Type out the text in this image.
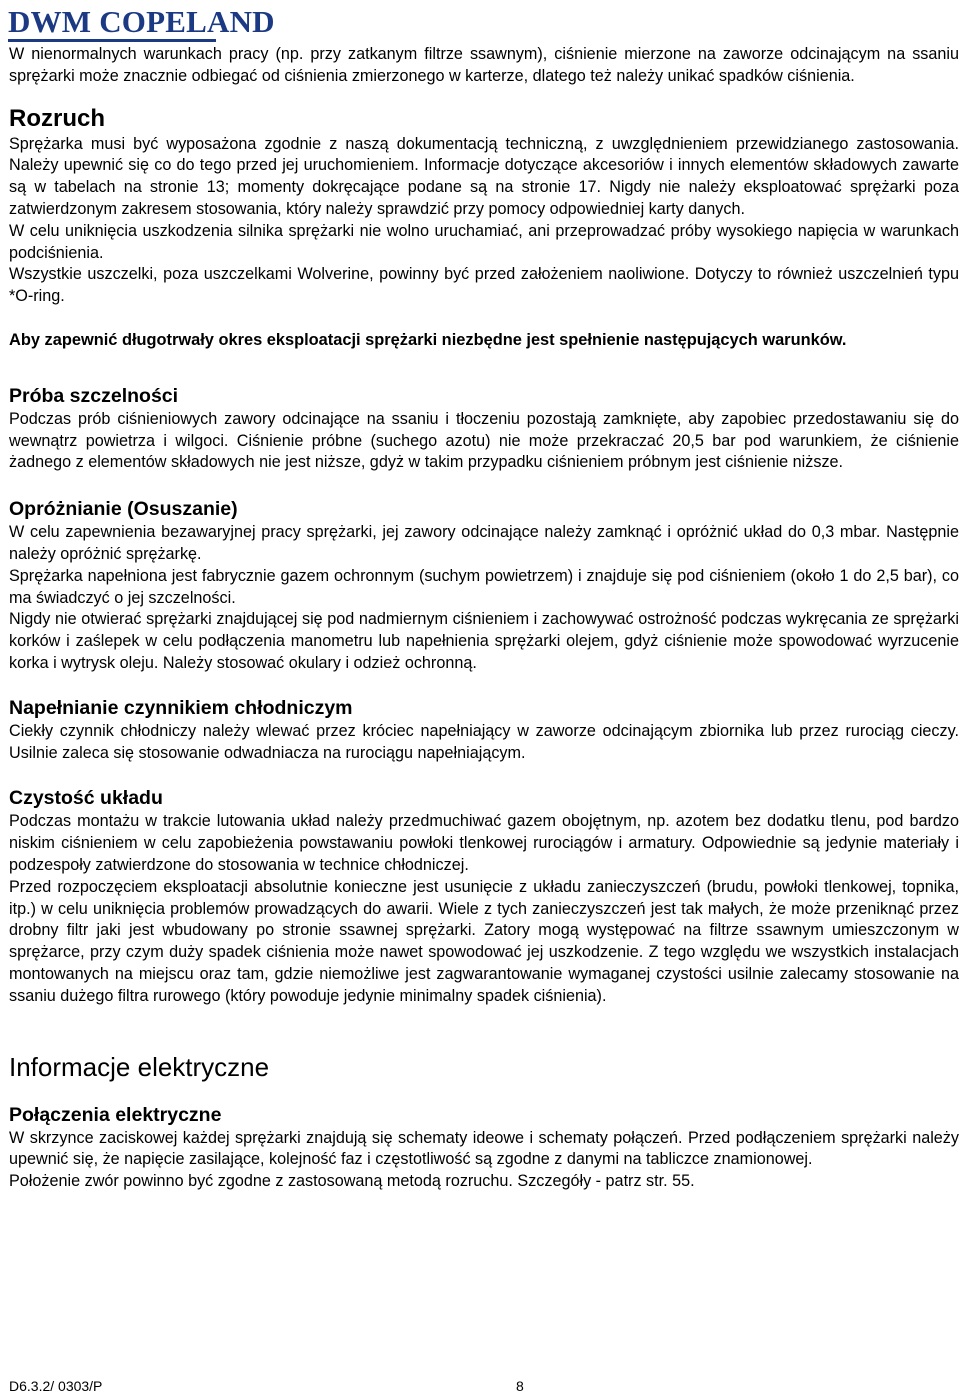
DWM COPELAND

W nienormalnych warunkach pracy (np. przy zatkanym filtrze ssawnym), ciśnienie mierzone na zaworze odcinającym na ssaniu sprężarki może znacznie odbiegać od ciśnienia zmierzonego w karterze, dlatego też należy unikać spadków ciśnienia.

Rozruch

Sprężarka musi być wyposażona zgodnie z naszą dokumentacją techniczną, z uwzględnieniem przewidzianego zastosowania. Należy upewnić się co do tego przed jej uruchomieniem. Informacje dotyczące akcesoriów i innych elementów składowych zawarte są w tabelach na stronie 13; momenty dokręcające podane są na stronie 17. Nigdy nie należy eksploatować sprężarki poza zatwierdzonym zakresem stosowania, który należy sprawdzić przy pomocy odpowiedniej karty danych.

W celu uniknięcia uszkodzenia silnika sprężarki nie wolno uruchamiać, ani przeprowadzać próby wysokiego napięcia w warunkach podciśnienia.

Wszystkie uszczelki, poza uszczelkami Wolverine, powinny być przed założeniem naoliwione. Dotyczy to również uszczelnień typu *O-ring.

Aby zapewnić długotrwały okres eksploatacji sprężarki niezbędne jest spełnienie następujących warunków.

Próba szczelności

Podczas prób ciśnieniowych zawory odcinające na ssaniu i tłoczeniu pozostają zamknięte, aby zapobiec przedostawaniu się do wewnątrz powietrza i wilgoci. Ciśnienie próbne (suchego azotu) nie może przekraczać 20,5 bar pod warunkiem, że ciśnienie żadnego z elementów składowych nie jest niższe, gdyż w takim przypadku ciśnieniem próbnym jest ciśnienie niższe.

Opróżnianie (Osuszanie)

W celu zapewnienia bezawaryjnej pracy sprężarki, jej zawory odcinające należy zamknąć i opróżnić układ do 0,3 mbar. Następnie należy opróżnić sprężarkę.

Sprężarka napełniona jest fabrycznie gazem ochronnym (suchym powietrzem) i znajduje się pod ciśnieniem (około 1 do 2,5 bar), co ma świadczyć o jej szczelności.

Nigdy nie otwierać sprężarki znajdującej się pod nadmiernym ciśnieniem i zachowywać ostrożność podczas wykręcania ze sprężarki korków i zaślepek w celu podłączenia manometru lub napełnienia sprężarki olejem, gdyż ciśnienie może spowodować wyrzucenie korka i wytrysk oleju. Należy stosować okulary i odzież ochronną.

Napełnianie czynnikiem chłodniczym

Ciekły czynnik chłodniczy należy wlewać przez króciec napełniający w zaworze odcinającym zbiornika lub przez rurociąg cieczy. Usilnie zaleca się stosowanie odwadniacza na rurociągu napełniającym.

Czystość układu

Podczas montażu w trakcie lutowania układ należy przedmuchiwać gazem obojętnym, np. azotem bez dodatku tlenu, pod bardzo niskim ciśnieniem w celu zapobieżenia powstawaniu powłoki tlenkowej rurociągów i armatury. Odpowiednie są jedynie materiały i podzespoły zatwierdzone do stosowania w technice chłodniczej.

Przed rozpoczęciem eksploatacji absolutnie konieczne jest usunięcie z układu zanieczyszczeń (brudu, powłoki tlenkowej, topnika, itp.) w celu uniknięcia problemów prowadzących do awarii. Wiele z tych zanieczyszczeń jest tak małych, że może przeniknąć przez drobny filtr jaki jest wbudowany po stronie ssawnej sprężarki. Zatory mogą występować na filtrze ssawnym umieszczonym w sprężarce, przy czym duży spadek ciśnienia może nawet spowodować jej uszkodzenie. Z tego względu we wszystkich instalacjach montowanych na miejscu oraz tam, gdzie niemożliwe jest zagwarantowanie wymaganej czystości usilnie zalecamy stosowanie na ssaniu dużego filtra rurowego (który powoduje jedynie minimalny spadek ciśnienia).

Informacje elektryczne
Połączenia elektryczne

W skrzynce zaciskowej każdej sprężarki znajdują się schematy ideowe i schematy połączeń. Przed podłączeniem sprężarki należy upewnić się, że napięcie zasilające, kolejność faz i częstotliwość są zgodne z danymi na tabliczce znamionowej.

Położenie zwór powinno być zgodne z zastosowaną metodą rozruchu. Szczegóły - patrz str. 55.

D6.3.2/ 0303/P	8
